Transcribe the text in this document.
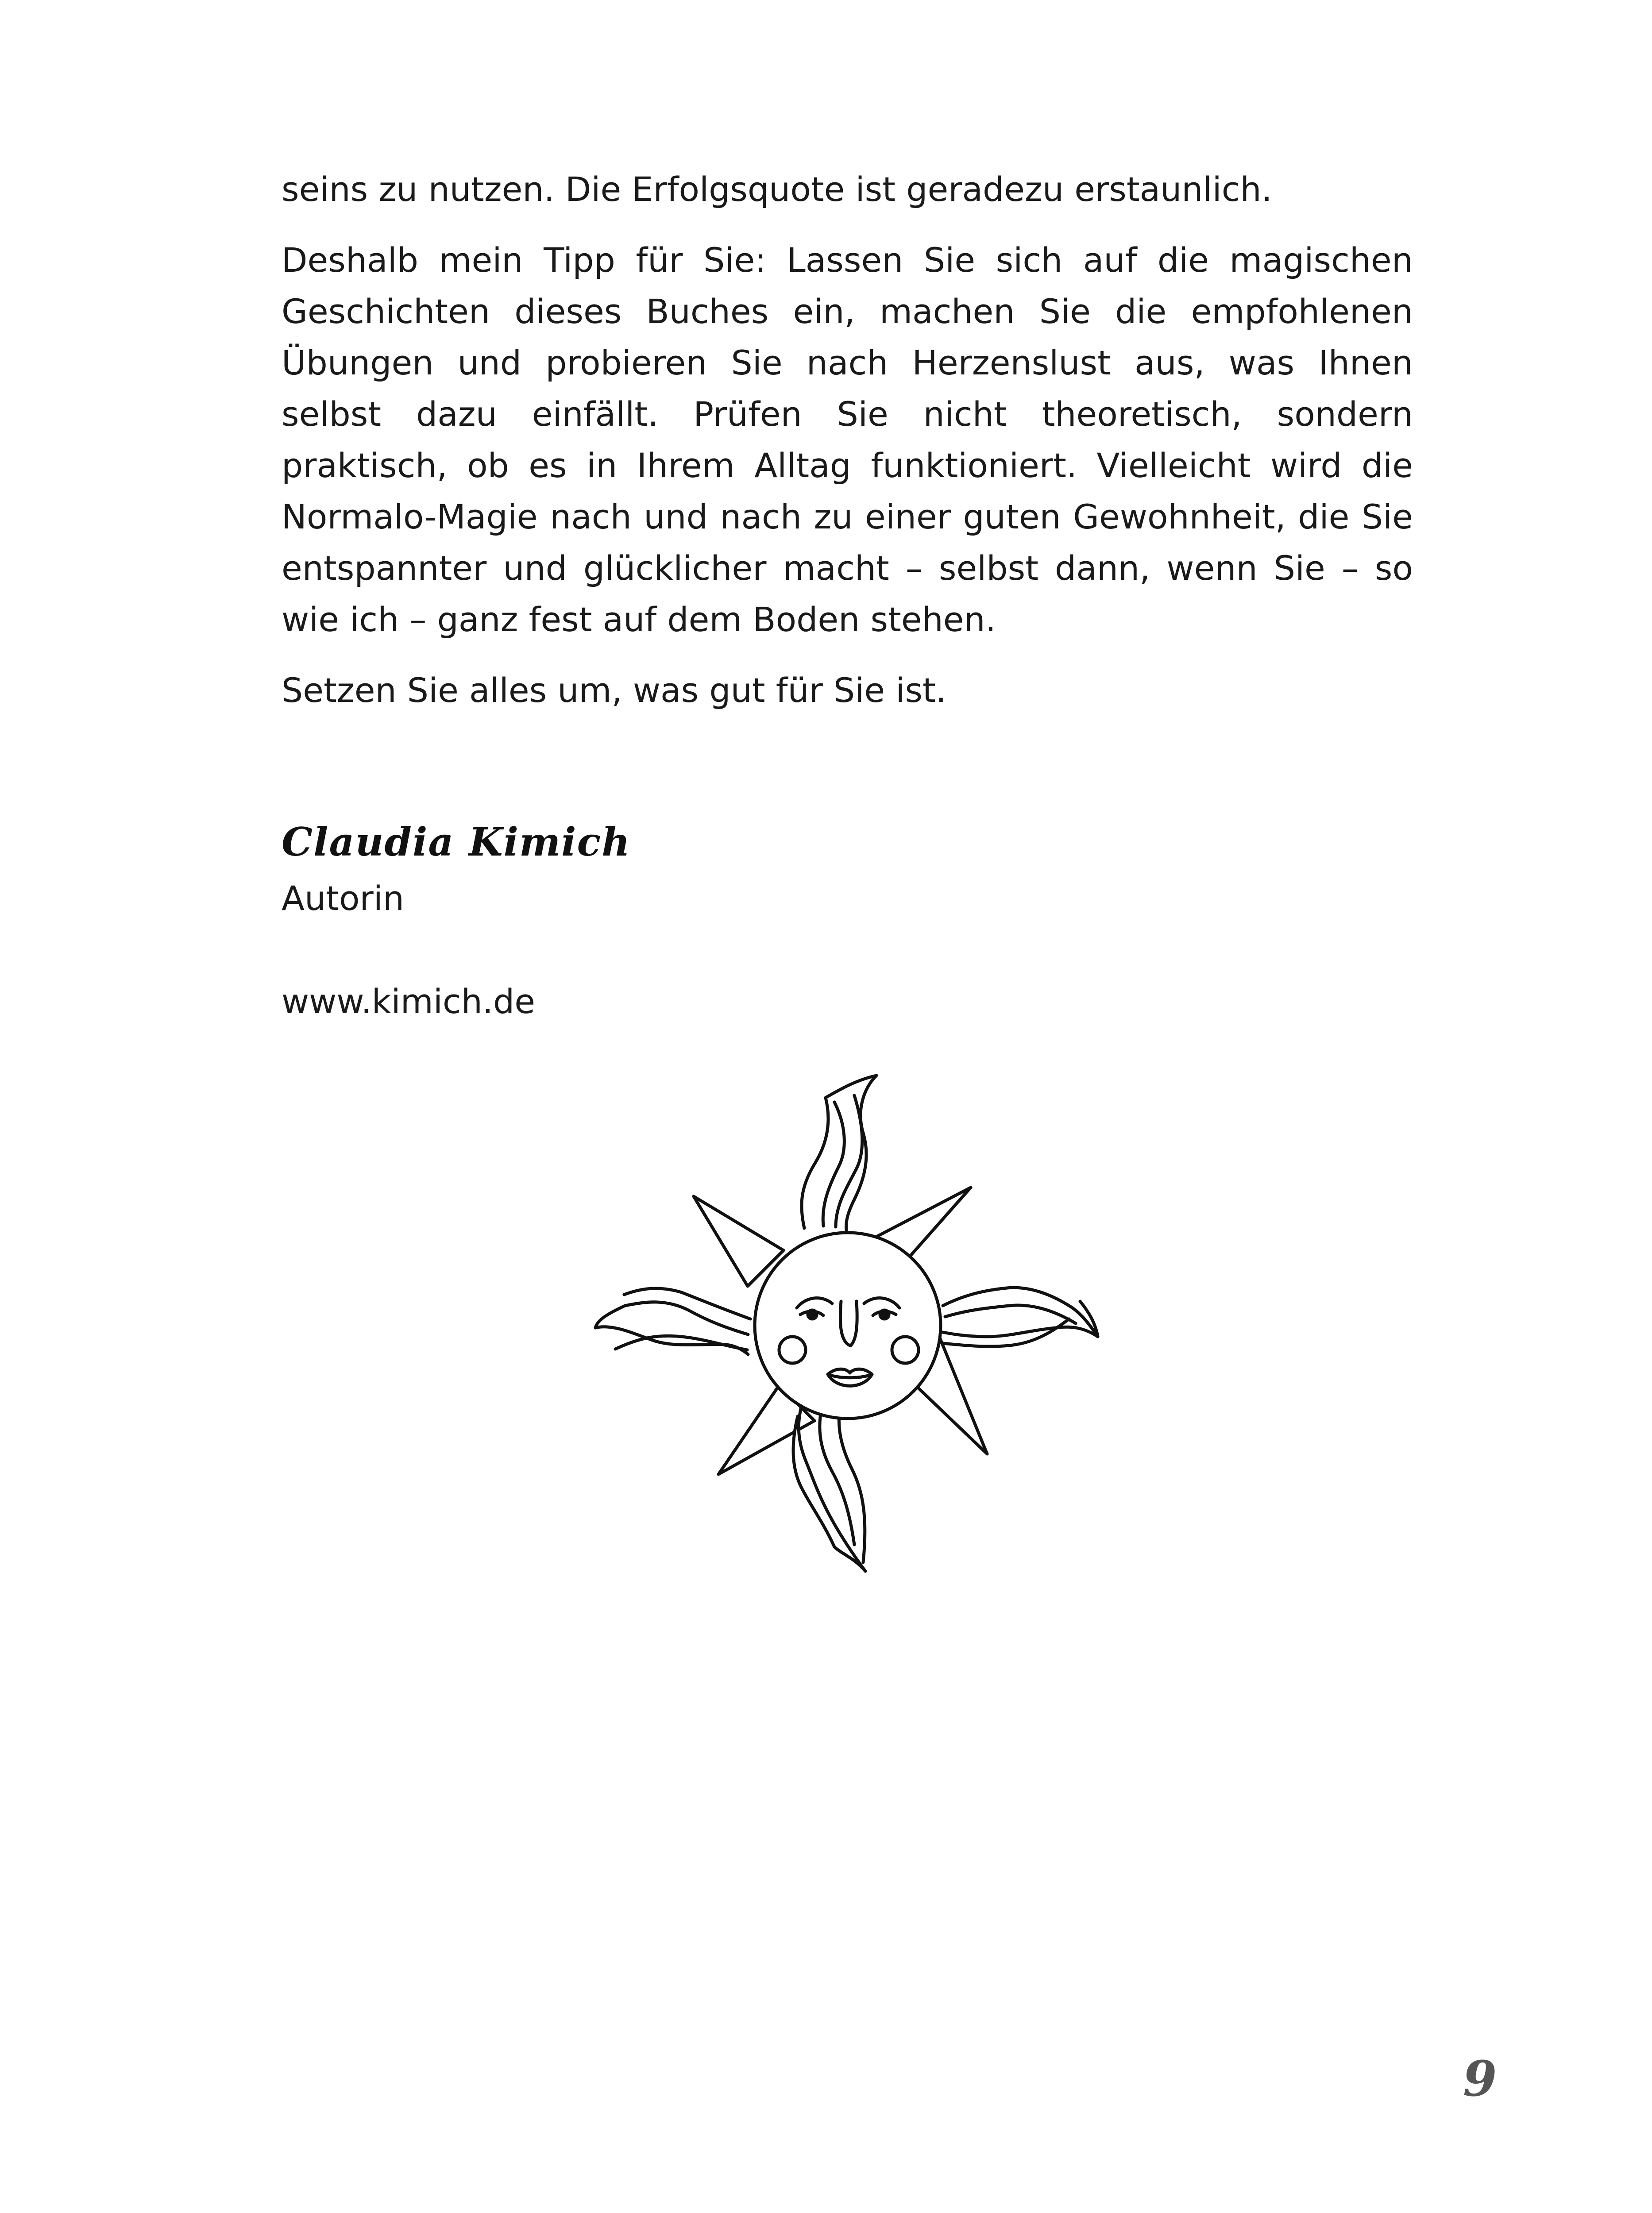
seins zu nutzen. Die Erfolgsquote ist geradezu erstaunlich.

Deshalb mein Tipp für Sie: Lassen Sie sich auf die magischen Geschichten dieses Buches ein, machen Sie die empfohlenen Übungen und probieren Sie nach Herzenslust aus, was Ihnen selbst dazu einfällt. Prüfen Sie nicht theoretisch, sondern praktisch, ob es in Ihrem Alltag funktioniert. Vielleicht wird die Normalo-Magie nach und nach zu einer guten Gewohnheit, die Sie entspannter und glücklicher macht – selbst dann, wenn Sie – so wie ich – ganz fest auf dem Boden stehen.

Setzen Sie alles um, was gut für Sie ist.

Claudia Kimich
Autorin
www.kimich.de
9
